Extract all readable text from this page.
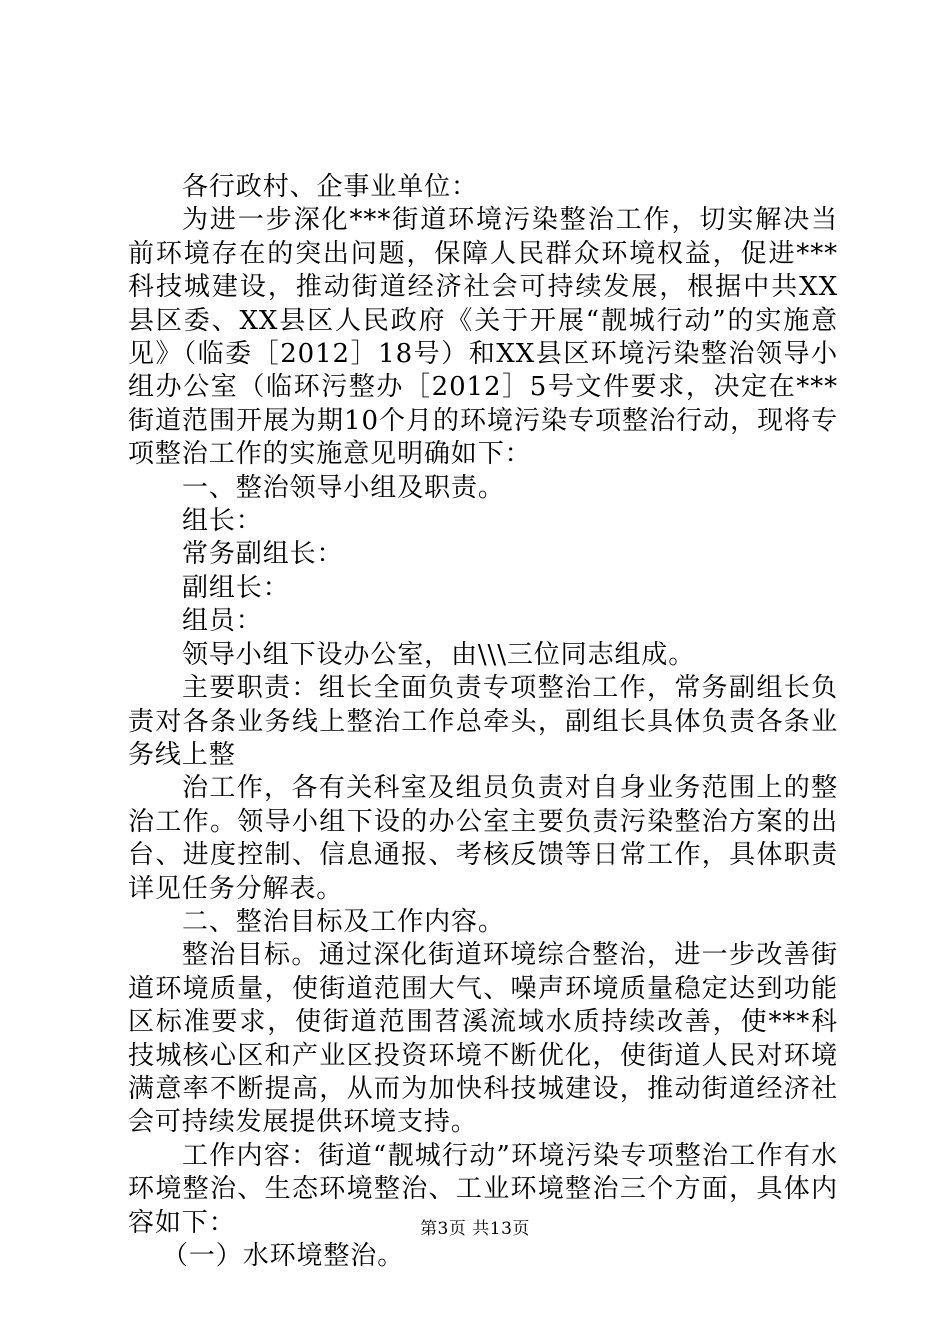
各行政村、企事业单位：

为进一步深化***街道环境污染整治工作，切实解决当前环境存在的突出问题，保障人民群众环境权益，促进***科技城建设，推动街道经济社会可持续发展，根据中共XX县区委、XX县区人民政府《关于开展“靓城行动”的实施意见》（临委［2012］18号）和XX县区环境污染整治领导小组办公室（临环污整办［2012］5号文件要求，决定在***街道范围开展为期10个月的环境污染专项整治行动，现将专项整治工作的实施意见明确如下：

一、整治领导小组及职责。

组长：

常务副组长：

副组长：

组员：

领导小组下设办公室，由\\\三位同志组成。

主要职责：组长全面负责专项整治工作，常务副组长负责对各条业务线上整治工作总牵头，副组长具体负责各条业务线上整

治工作，各有关科室及组员负责对自身业务范围上的整治工作。领导小组下设的办公室主要负责污染整治方案的出台、进度控制、信息通报、考核反馈等日常工作，具体职责详见任务分解表。

二、整治目标及工作内容。

整治目标。通过深化街道环境综合整治，进一步改善街道环境质量，使街道范围大气、噪声环境质量稳定达到功能区标准要求，使街道范围苕溪流域水质持续改善，使***科技城核心区和产业区投资环境不断优化，使街道人民对环境满意率不断提高，从而为加快科技城建设，推动街道经济社会可持续发展提供环境支持。

工作内容：街道“靓城行动”环境污染专项整治工作有水环境整治、生态环境整治、工业环境整治三个方面，具体内容如下：

（一）水环境整治。

第3页 共13页
